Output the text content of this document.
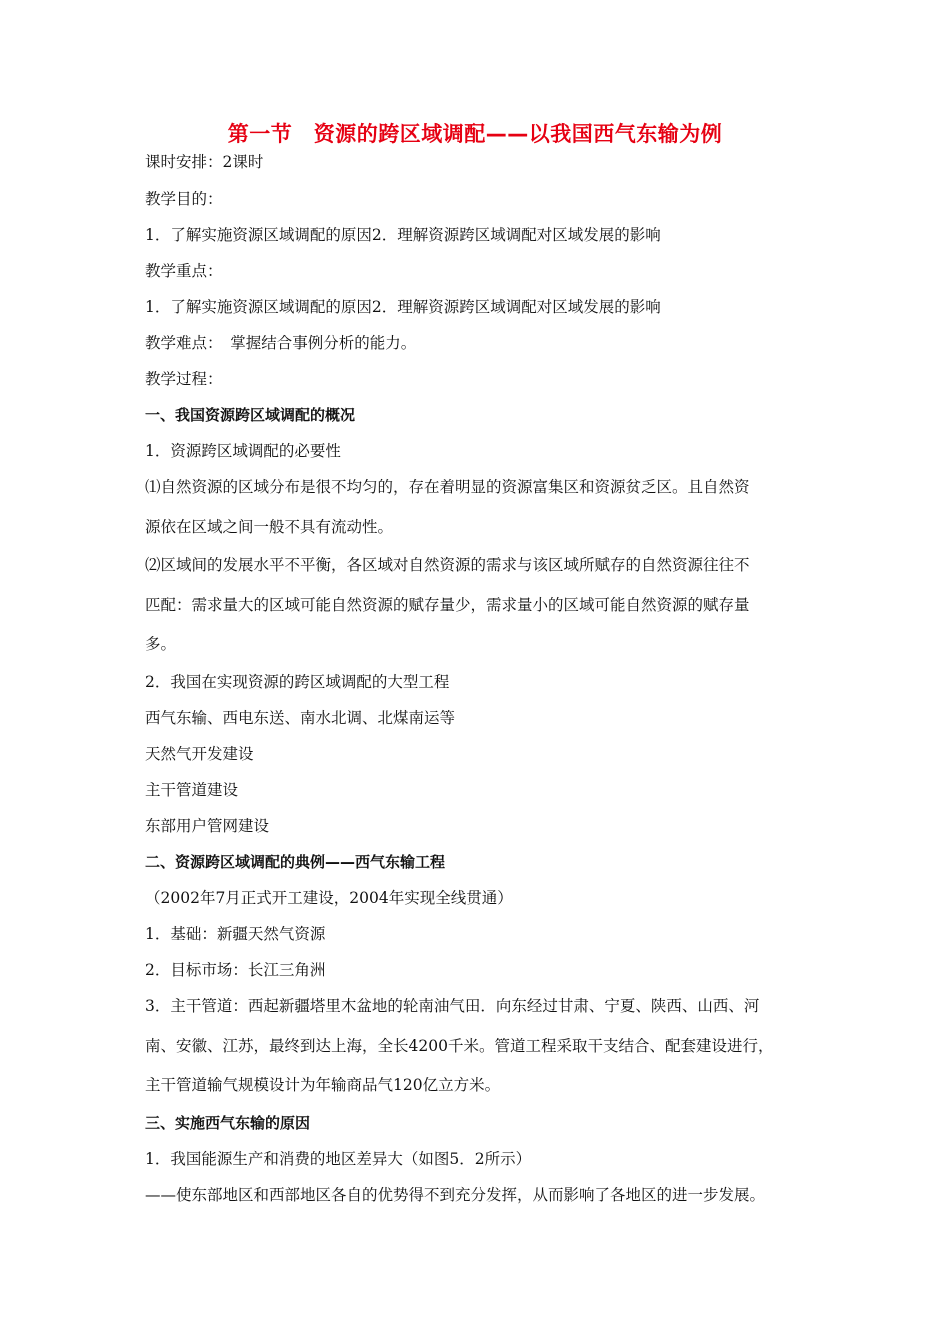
第一节　资源的跨区域调配——以我国西气东输为例
课时安排：2课时
教学目的：
1．了解实施资源区域调配的原因2．理解资源跨区域调配对区域发展的影响
教学重点：
1．了解实施资源区域调配的原因2．理解资源跨区域调配对区域发展的影响
教学难点：　掌握结合事例分析的能力。
教学过程：
一、我国资源跨区域调配的概况
1．资源跨区域调配的必要性
⑴自然资源的区域分布是很不均匀的，存在着明显的资源富集区和资源贫乏区。且自然资
源依在区域之间一般不具有流动性。
⑵区域间的发展水平不平衡，各区域对自然资源的需求与该区域所赋存的自然资源往往不
匹配：需求量大的区域可能自然资源的赋存量少，需求量小的区域可能自然资源的赋存量
多。
2．我国在实现资源的跨区域调配的大型工程
西气东输、西电东送、南水北调、北煤南运等
天然气开发建设
主干管道建设
东部用户管网建设
二、资源跨区域调配的典例——西气东输工程
（2002年7月正式开工建设，2004年实现全线贯通）
1．基础：新疆天然气资源
2．目标市场：长江三角洲
3．主干管道：西起新疆塔里木盆地的轮南油气田．向东经过甘肃、宁夏、陕西、山西、河
南、安徽、江苏，最终到达上海，全长4200千米。管道工程采取干支结合、配套建设进行，
主干管道输气规模设计为年输商品气120亿立方米。
三、实施西气东输的原因
1．我国能源生产和消费的地区差异大（如图5．2所示）
——使东部地区和西部地区各自的优势得不到充分发挥，从而影响了各地区的进一步发展。
